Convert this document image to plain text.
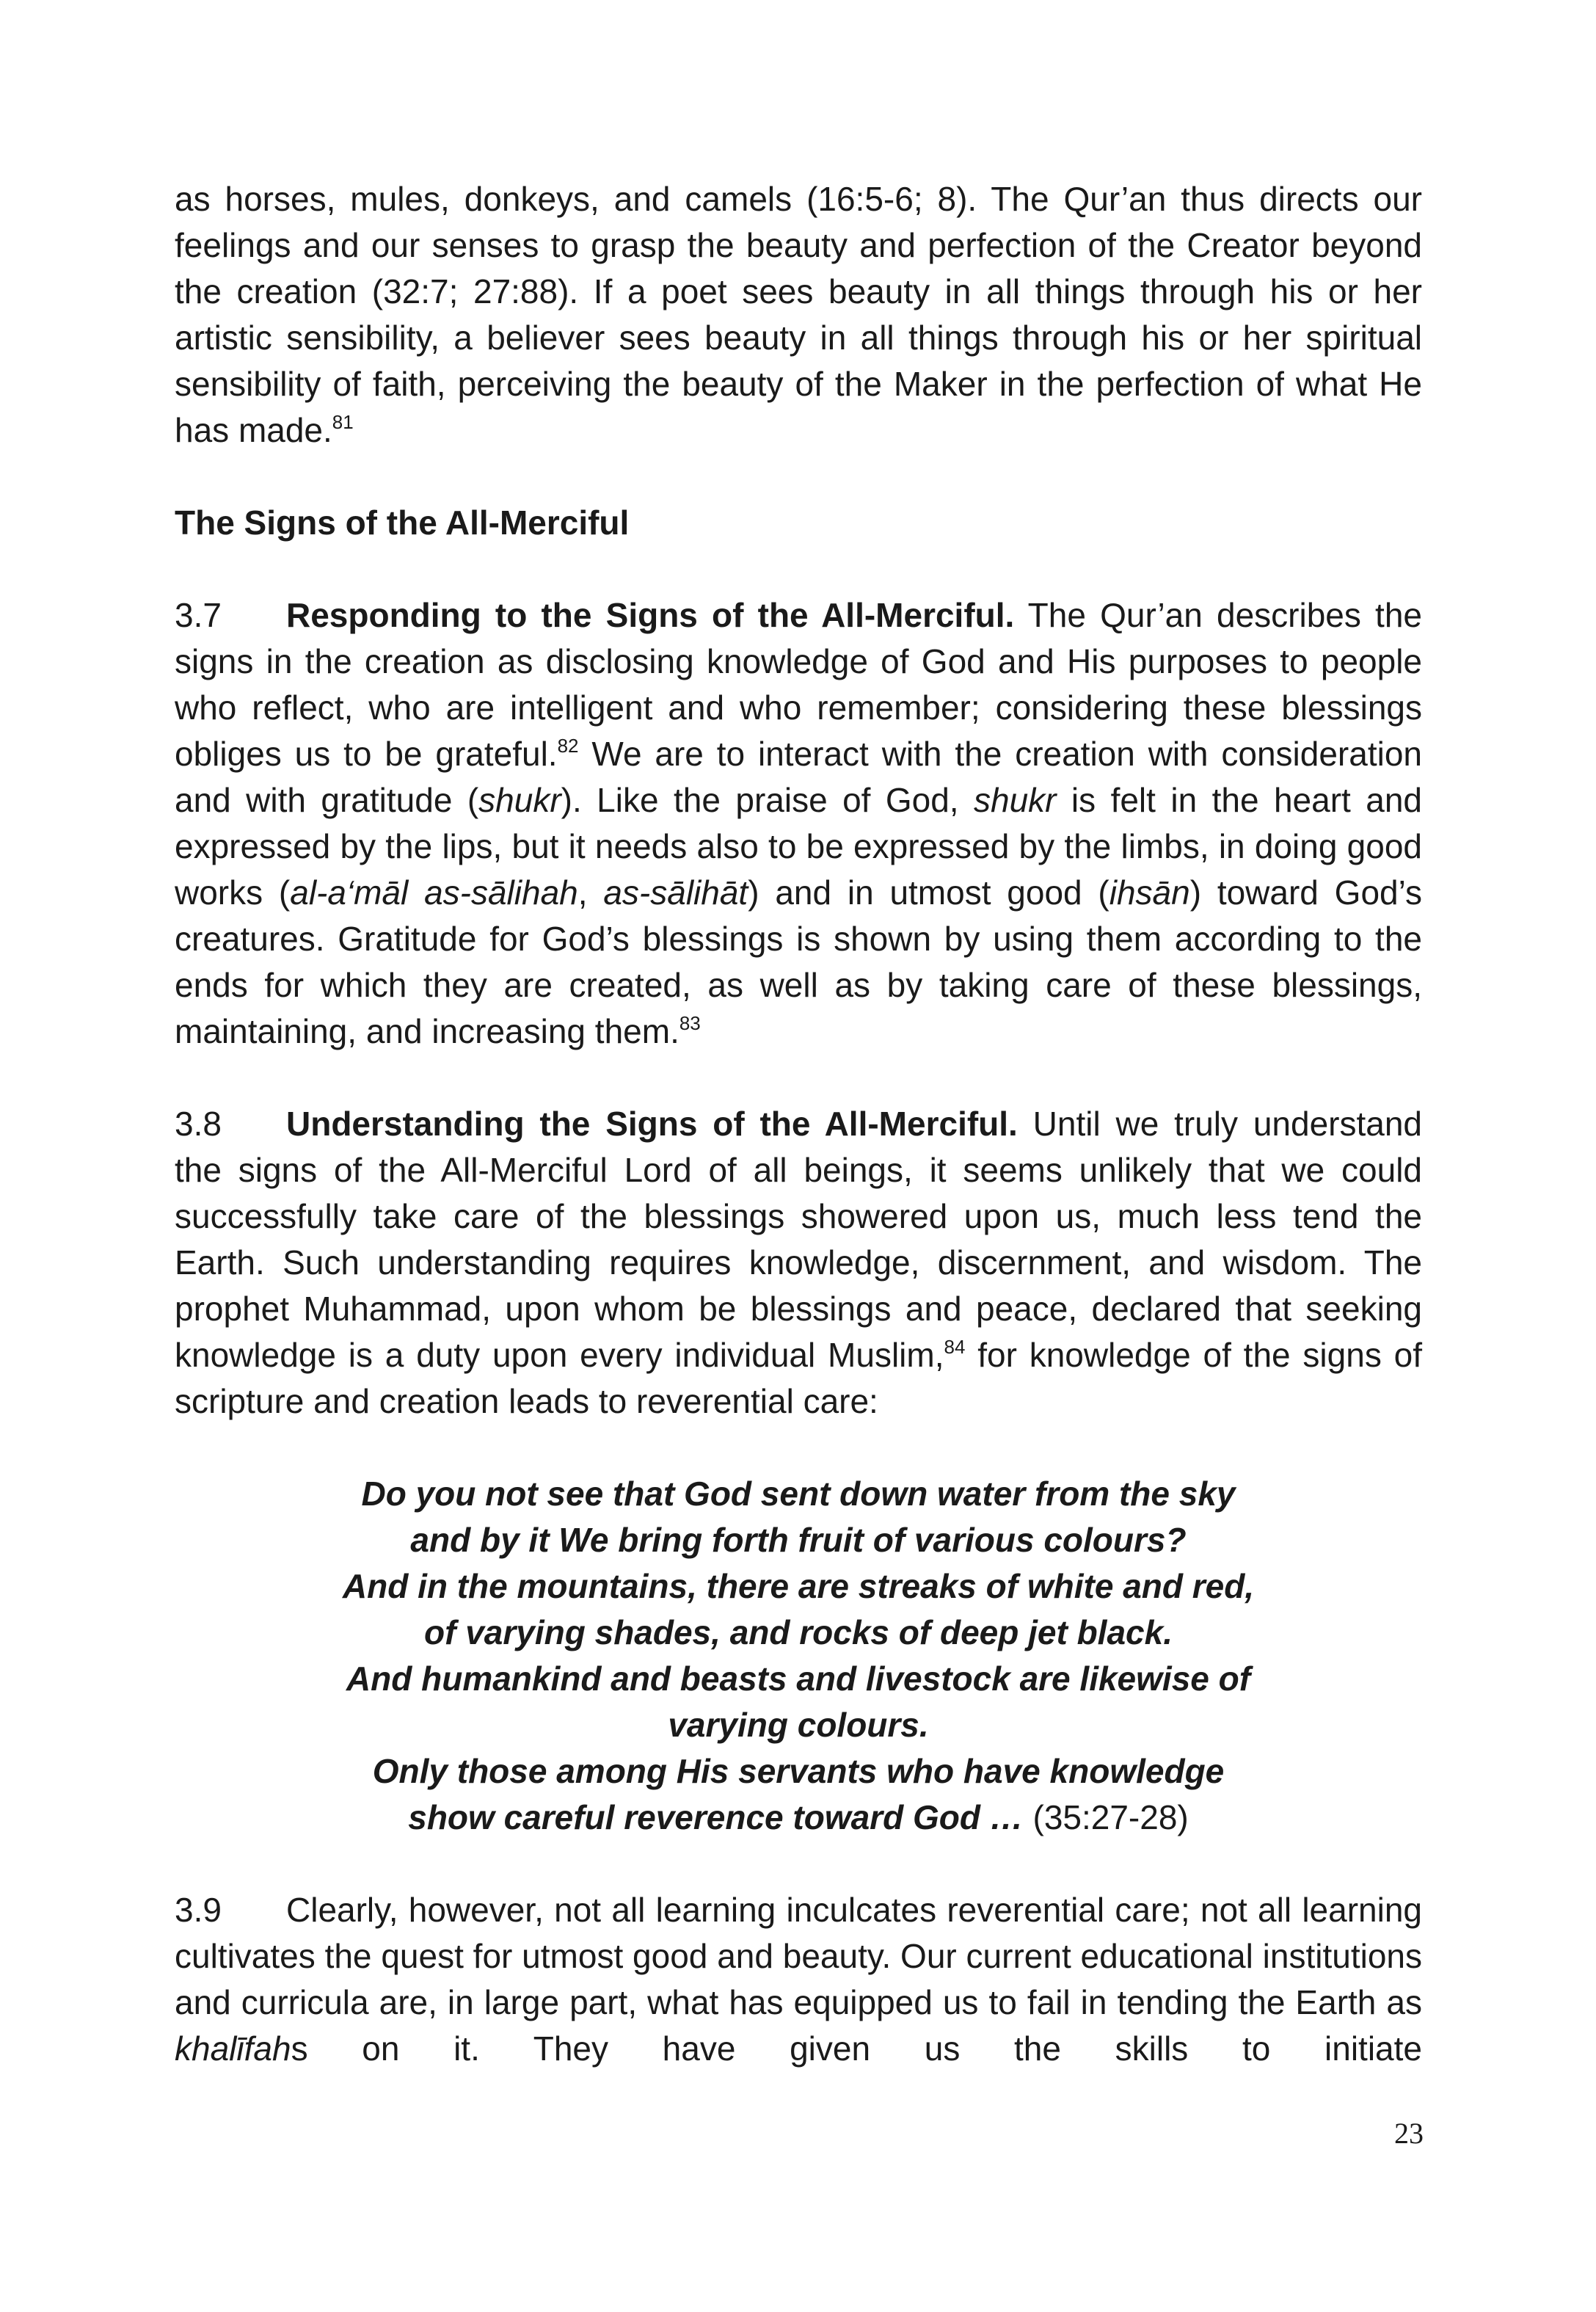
as horses, mules, donkeys, and camels (16:5-6; 8). The Qur’an thus directs our feelings and our senses to grasp the beauty and perfection of the Creator beyond the creation (32:7; 27:88). If a poet sees beauty in all things through his or her artistic sensibility, a believer sees beauty in all things through his or her spiritual sensibility of faith, perceiving the beauty of the Maker in the perfection of what He has made.$^{81}$

The Signs of the All-Merciful

3.7 Responding to the Signs of the All-Merciful. The Qur’an describes the signs in the creation as disclosing knowledge of God and His purposes to people who reflect, who are intelligent and who remember; considering these blessings obliges us to be grateful.$^{82}$ We are to interact with the creation with consideration and with gratitude (shukr). Like the praise of God, shukr is felt in the heart and expressed by the lips, but it needs also to be expressed by the limbs, in doing good works (al-a‘māl as-sālihah, as-sālihāt) and in utmost good (ihsān) toward God’s creatures. Gratitude for God’s blessings is shown by using them according to the ends for which they are created, as well as by taking care of these blessings, maintaining, and increasing them.$^{83}$

3.8 Understanding the Signs of the All-Merciful. Until we truly understand the signs of the All-Merciful Lord of all beings, it seems unlikely that we could successfully take care of the blessings showered upon us, much less tend the Earth. Such understanding requires knowledge, discernment, and wisdom. The prophet Muhammad, upon whom be blessings and peace, declared that seeking knowledge is a duty upon every individual Muslim,$^{84}$ for knowledge of the signs of scripture and creation leads to reverential care:

Do you not see that God sent down water from the sky
and by it We bring forth fruit of various colours?
And in the mountains, there are streaks of white and red,
of varying shades, and rocks of deep jet black.
And humankind and beasts and livestock are likewise of varying colours.
Only those among His servants who have knowledge
show careful reverence toward God … (35:27-28)

3.9 Clearly, however, not all learning inculcates reverential care; not all learning cultivates the quest for utmost good and beauty. Our current educational institutions and curricula are, in large part, what has equipped us to fail in tending the Earth as khalīfahs on it. They have given us the skills to initiate

23
